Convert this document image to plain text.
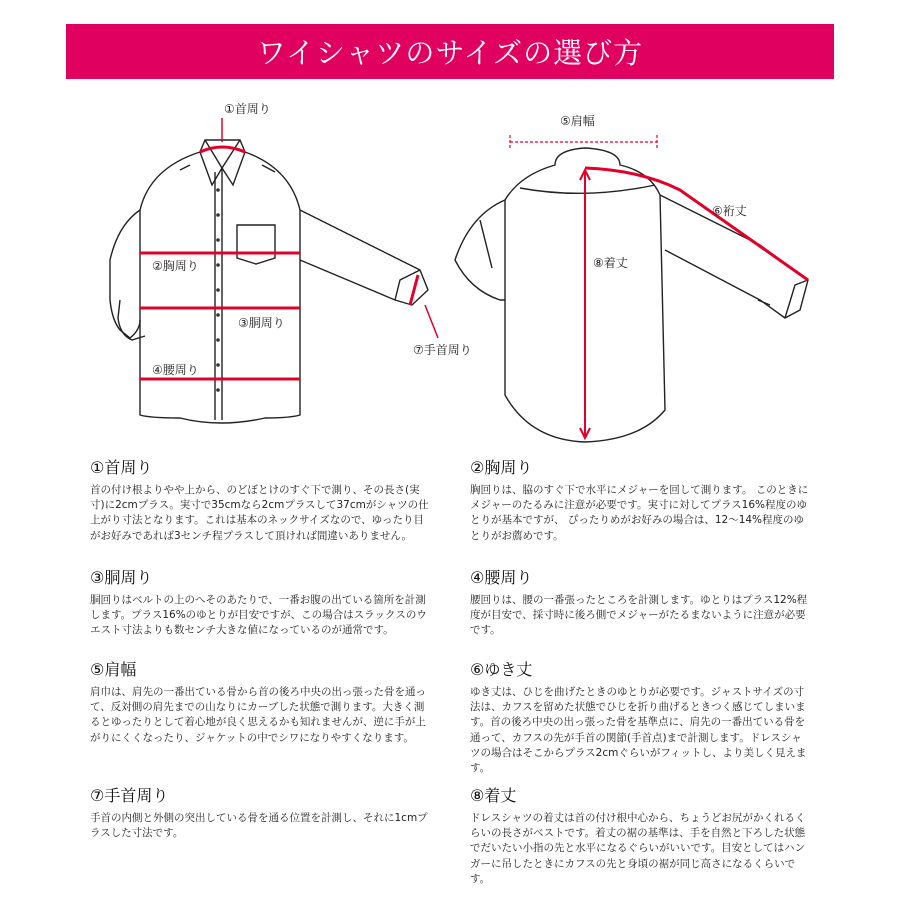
ワイシャツのサイズの選び方
①首周り
②胸周り
③胴周り
④腰周り
⑦手首周り
⑤肩幅
⑥裄丈
⑧着丈
①首周り

首の付け根よりやや上から、のどぼとけのすぐ下で測り、その長さ(実寸)に2cmプラス。実寸で35cmなら2cmプラスして37cmがシャツの仕上がり寸法となります。これは基本のネックサイズなので、ゆったり目がお好みであれば3センチ程プラスして頂ければ間違いありません。

②胸周り

胸回りは、脇のすぐ下で水平にメジャーを回して測ります。 このときにメジャーのたるみに注意が必要です。実寸に対してプラス16%程度のゆとりが基本ですが、 ぴったりめがお好みの場合は、12〜14%程度のゆとりがお薦めです。

③胴周り

胴回りはベルトの上のへそのあたりで、一番お腹の出ている箇所を計測します。プラス16%のゆとりが目安ですが、この場合はスラックスのウエスト寸法よりも数センチ大きな値になっているのが通常です。

④腰周り

腰回りは、腰の一番張ったところを計測します。ゆとりはプラス12%程度が目安で、採寸時に後ろ側でメジャーがたるまないように注意が必要です。

⑤肩幅

肩巾は、肩先の一番出ている骨から首の後ろ中央の出っ張った骨を通って、反対側の肩先までの山なりにカーブした状態で測ります。大きく測るとゆったりとして着心地が良く思えるかも知れませんが、逆に手が上がりにくくなったり、ジャケットの中でシワになりやすくなります。

⑥ゆき丈

ゆき丈は、ひじを曲げたときのゆとりが必要です。ジャストサイズの寸法は、カフスを留めた状態でひじを折り曲げるときつく感じてしまいます。首の後ろ中央の出っ張った骨を基準点に、肩先の一番出ている骨を通って、カフスの先が手首の関節(手首点)まで計測します。ドレスシャツの場合はそこからプラス2cmぐらいがフィットし、より美しく見えます。

⑦手首周り

手首の内側と外側の突出している骨を通る位置を計測し、それに1cmプラスした寸法です。

⑧着丈

ドレスシャツの着丈は首の付け根中心から、ちょうどお尻がかくれるくらいの長さがベストです。着丈の裾の基準は、手を自然と下ろした状態でだいたい小指の先と水平になるぐらいがいいです。目安としてはハンガーに吊したときにカフスの先と身頃の裾が同じ高さになるくらいです。
